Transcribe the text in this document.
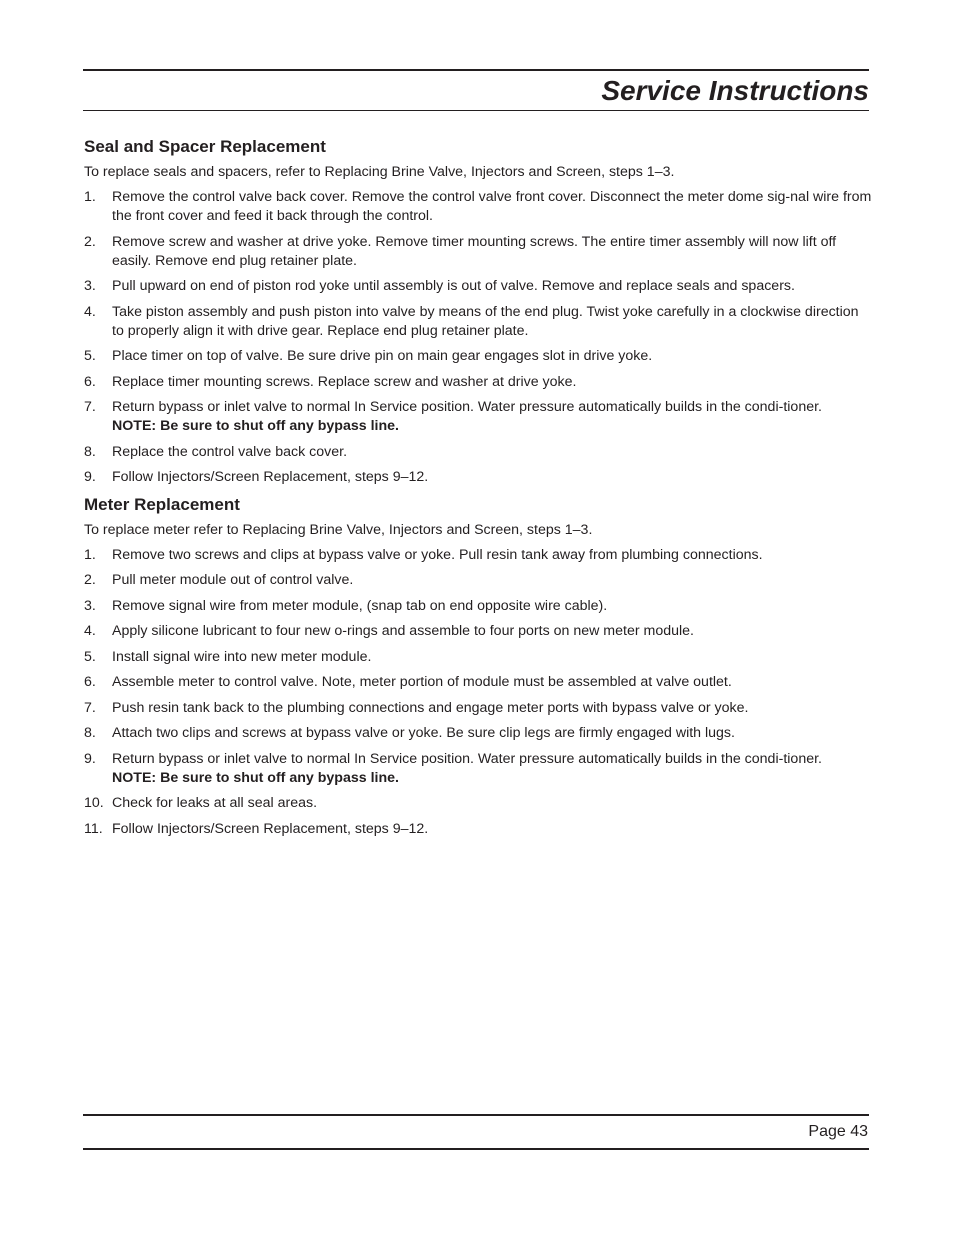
Service Instructions
Seal and Spacer Replacement

To replace seals and spacers, refer to Replacing Brine Valve, Injectors and Screen, steps 1–3.

1. Remove the control valve back cover. Remove the control valve front cover. Disconnect the meter dome sig-nal wire from the front cover and feed it back through the control.
2. Remove screw and washer at drive yoke. Remove timer mounting screws. The entire timer assembly will now lift off easily. Remove end plug retainer plate.
3. Pull upward on end of piston rod yoke until assembly is out of valve. Remove and replace seals and spacers.
4. Take piston assembly and push piston into valve by means of the end plug. Twist yoke carefully in a clockwise direction to properly align it with drive gear. Replace end plug retainer plate.
5. Place timer on top of valve. Be sure drive pin on main gear engages slot in drive yoke.
6. Replace timer mounting screws. Replace screw and washer at drive yoke.
7. Return bypass or inlet valve to normal In Service position. Water pressure automatically builds in the condi-tioner.
NOTE: Be sure to shut off any bypass line.
8. Replace the control valve back cover.
9. Follow Injectors/Screen Replacement, steps 9–12.
Meter Replacement

To replace meter refer to Replacing Brine Valve, Injectors and Screen, steps 1–3.

1. Remove two screws and clips at bypass valve or yoke. Pull resin tank away from plumbing connections.
2. Pull meter module out of control valve.
3. Remove signal wire from meter module, (snap tab on end opposite wire cable).
4. Apply silicone lubricant to four new o-rings and assemble to four ports on new meter module.
5. Install signal wire into new meter module.
6. Assemble meter to control valve. Note, meter portion of module must be assembled at valve outlet.
7. Push resin tank back to the plumbing connections and engage meter ports with bypass valve or yoke.
8. Attach two clips and screws at bypass valve or yoke. Be sure clip legs are firmly engaged with lugs.
9. Return bypass or inlet valve to normal In Service position. Water pressure automatically builds in the condi-tioner.
NOTE: Be sure to shut off any bypass line.
10. Check for leaks at all seal areas.
11. Follow Injectors/Screen Replacement, steps 9–12.
Page 43
